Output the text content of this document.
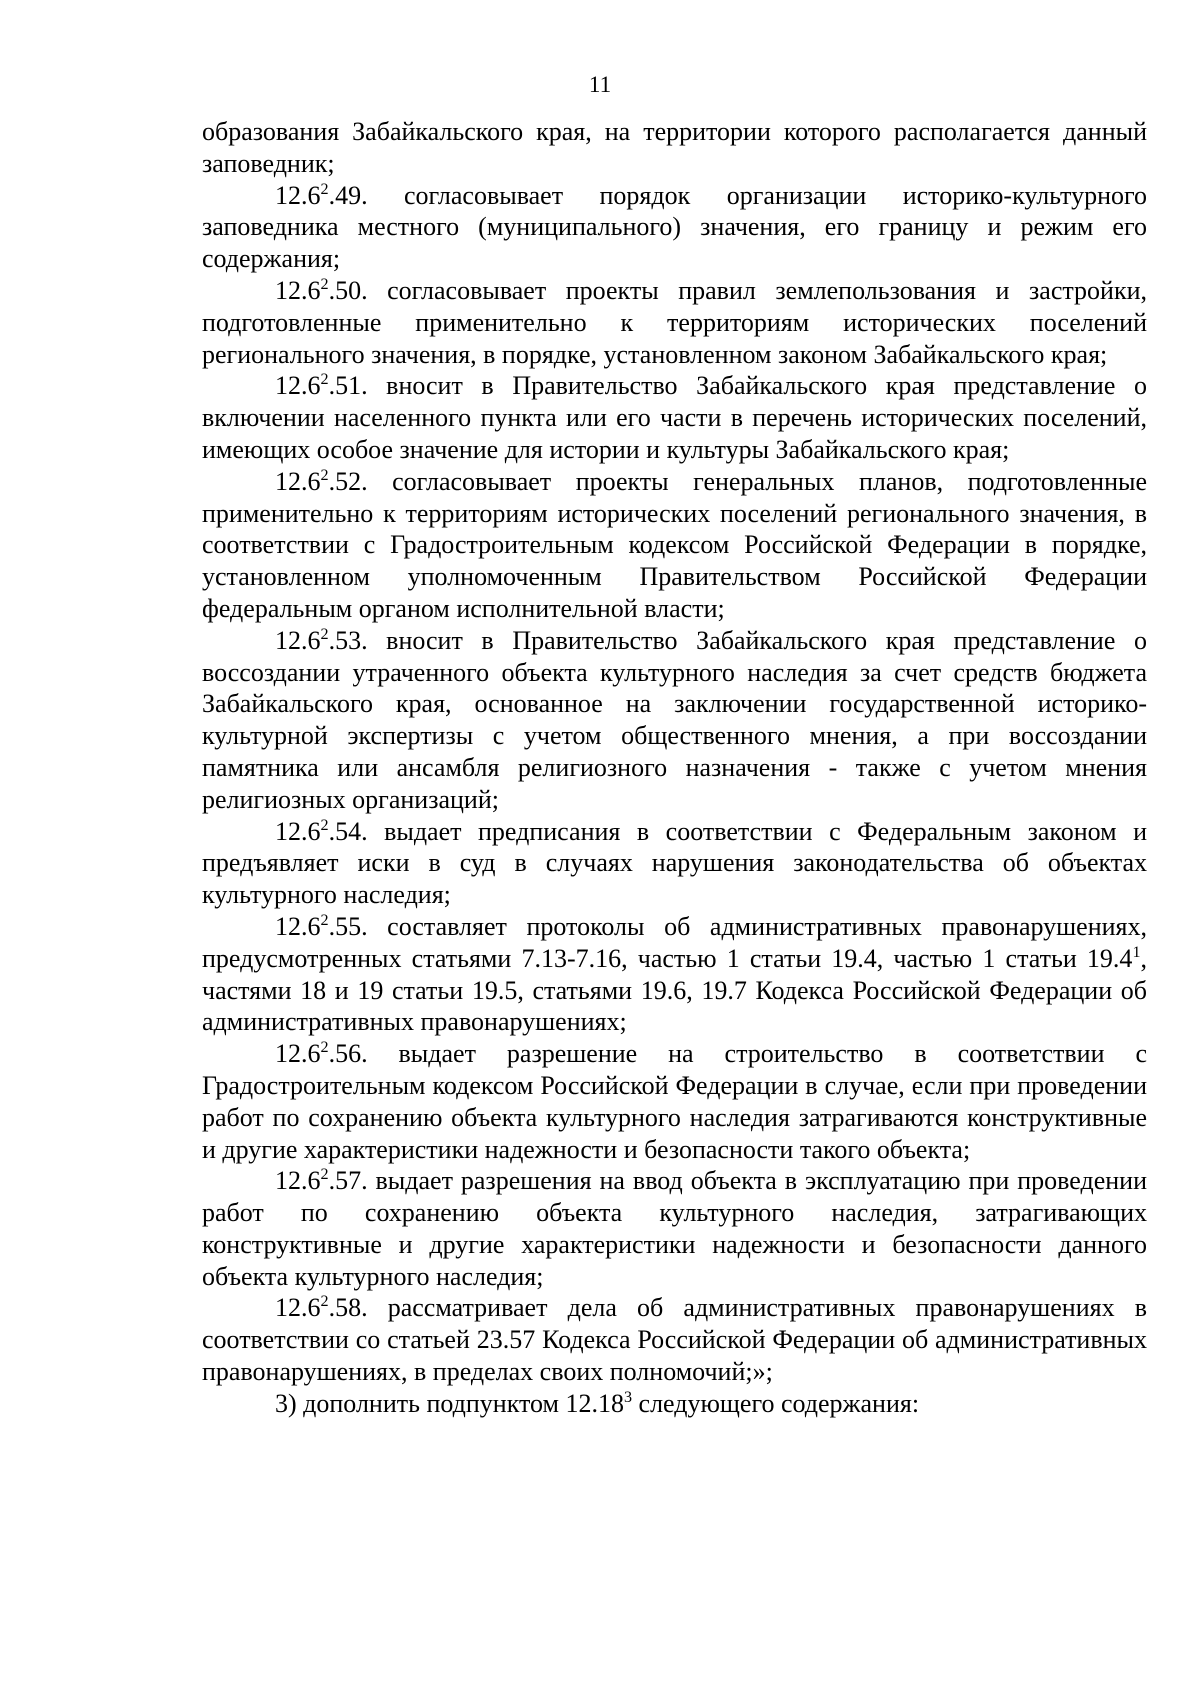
11

образования Забайкальского края, на территории которого располагается данный заповедник;

12.6$^2$.49. согласовывает порядок организации историко-культурного заповедника местного (муниципального) значения, его границу и режим его содержания;

12.6$^2$.50. согласовывает проекты правил землепользования и застройки, подготовленные применительно к территориям исторических поселений регионального значения, в порядке, установленном законом Забайкальского края;

12.6$^2$.51. вносит в Правительство Забайкальского края представление о включении населенного пункта или его части в перечень исторических поселений, имеющих особое значение для истории и культуры Забайкальского края;

12.6$^2$.52. согласовывает проекты генеральных планов, подготовленные применительно к территориям исторических поселений регионального значения, в соответствии с Градостроительным кодексом Российской Федерации в порядке, установленном уполномоченным Правительством Российской Федерации федеральным органом исполнительной власти;

12.6$^2$.53. вносит в Правительство Забайкальского края представление о воссоздании утраченного объекта культурного наследия за счет средств бюджета Забайкальского края, основанное на заключении государственной историко-культурной экспертизы с учетом общественного мнения, а при воссоздании памятника или ансамбля религиозного назначения - также с учетом мнения религиозных организаций;

12.6$^2$.54. выдает предписания в соответствии с Федеральным законом и предъявляет иски в суд в случаях нарушения законодательства об объектах культурного наследия;

12.6$^2$.55. составляет протоколы об административных правонарушениях, предусмотренных статьями 7.13-7.16, частью 1 статьи 19.4, частью 1 статьи 19.4$^1$, частями 18 и 19 статьи 19.5, статьями 19.6, 19.7 Кодекса Российской Федерации об административных правонарушениях;

12.6$^2$.56. выдает разрешение на строительство в соответствии с Градостроительным кодексом Российской Федерации в случае, если при проведении работ по сохранению объекта культурного наследия затрагиваются конструктивные и другие характеристики надежности и безопасности такого объекта;

12.6$^2$.57. выдает разрешения на ввод объекта в эксплуатацию при проведении работ по сохранению объекта культурного наследия, затрагивающих конструктивные и другие характеристики надежности и безопасности данного объекта культурного наследия;

12.6$^2$.58. рассматривает дела об административных правонарушениях в соответствии со статьей 23.57 Кодекса Российской Федерации об административных правонарушениях, в пределах своих полномочий;»;

3) дополнить подпунктом 12.18$^3$ следующего содержания:
